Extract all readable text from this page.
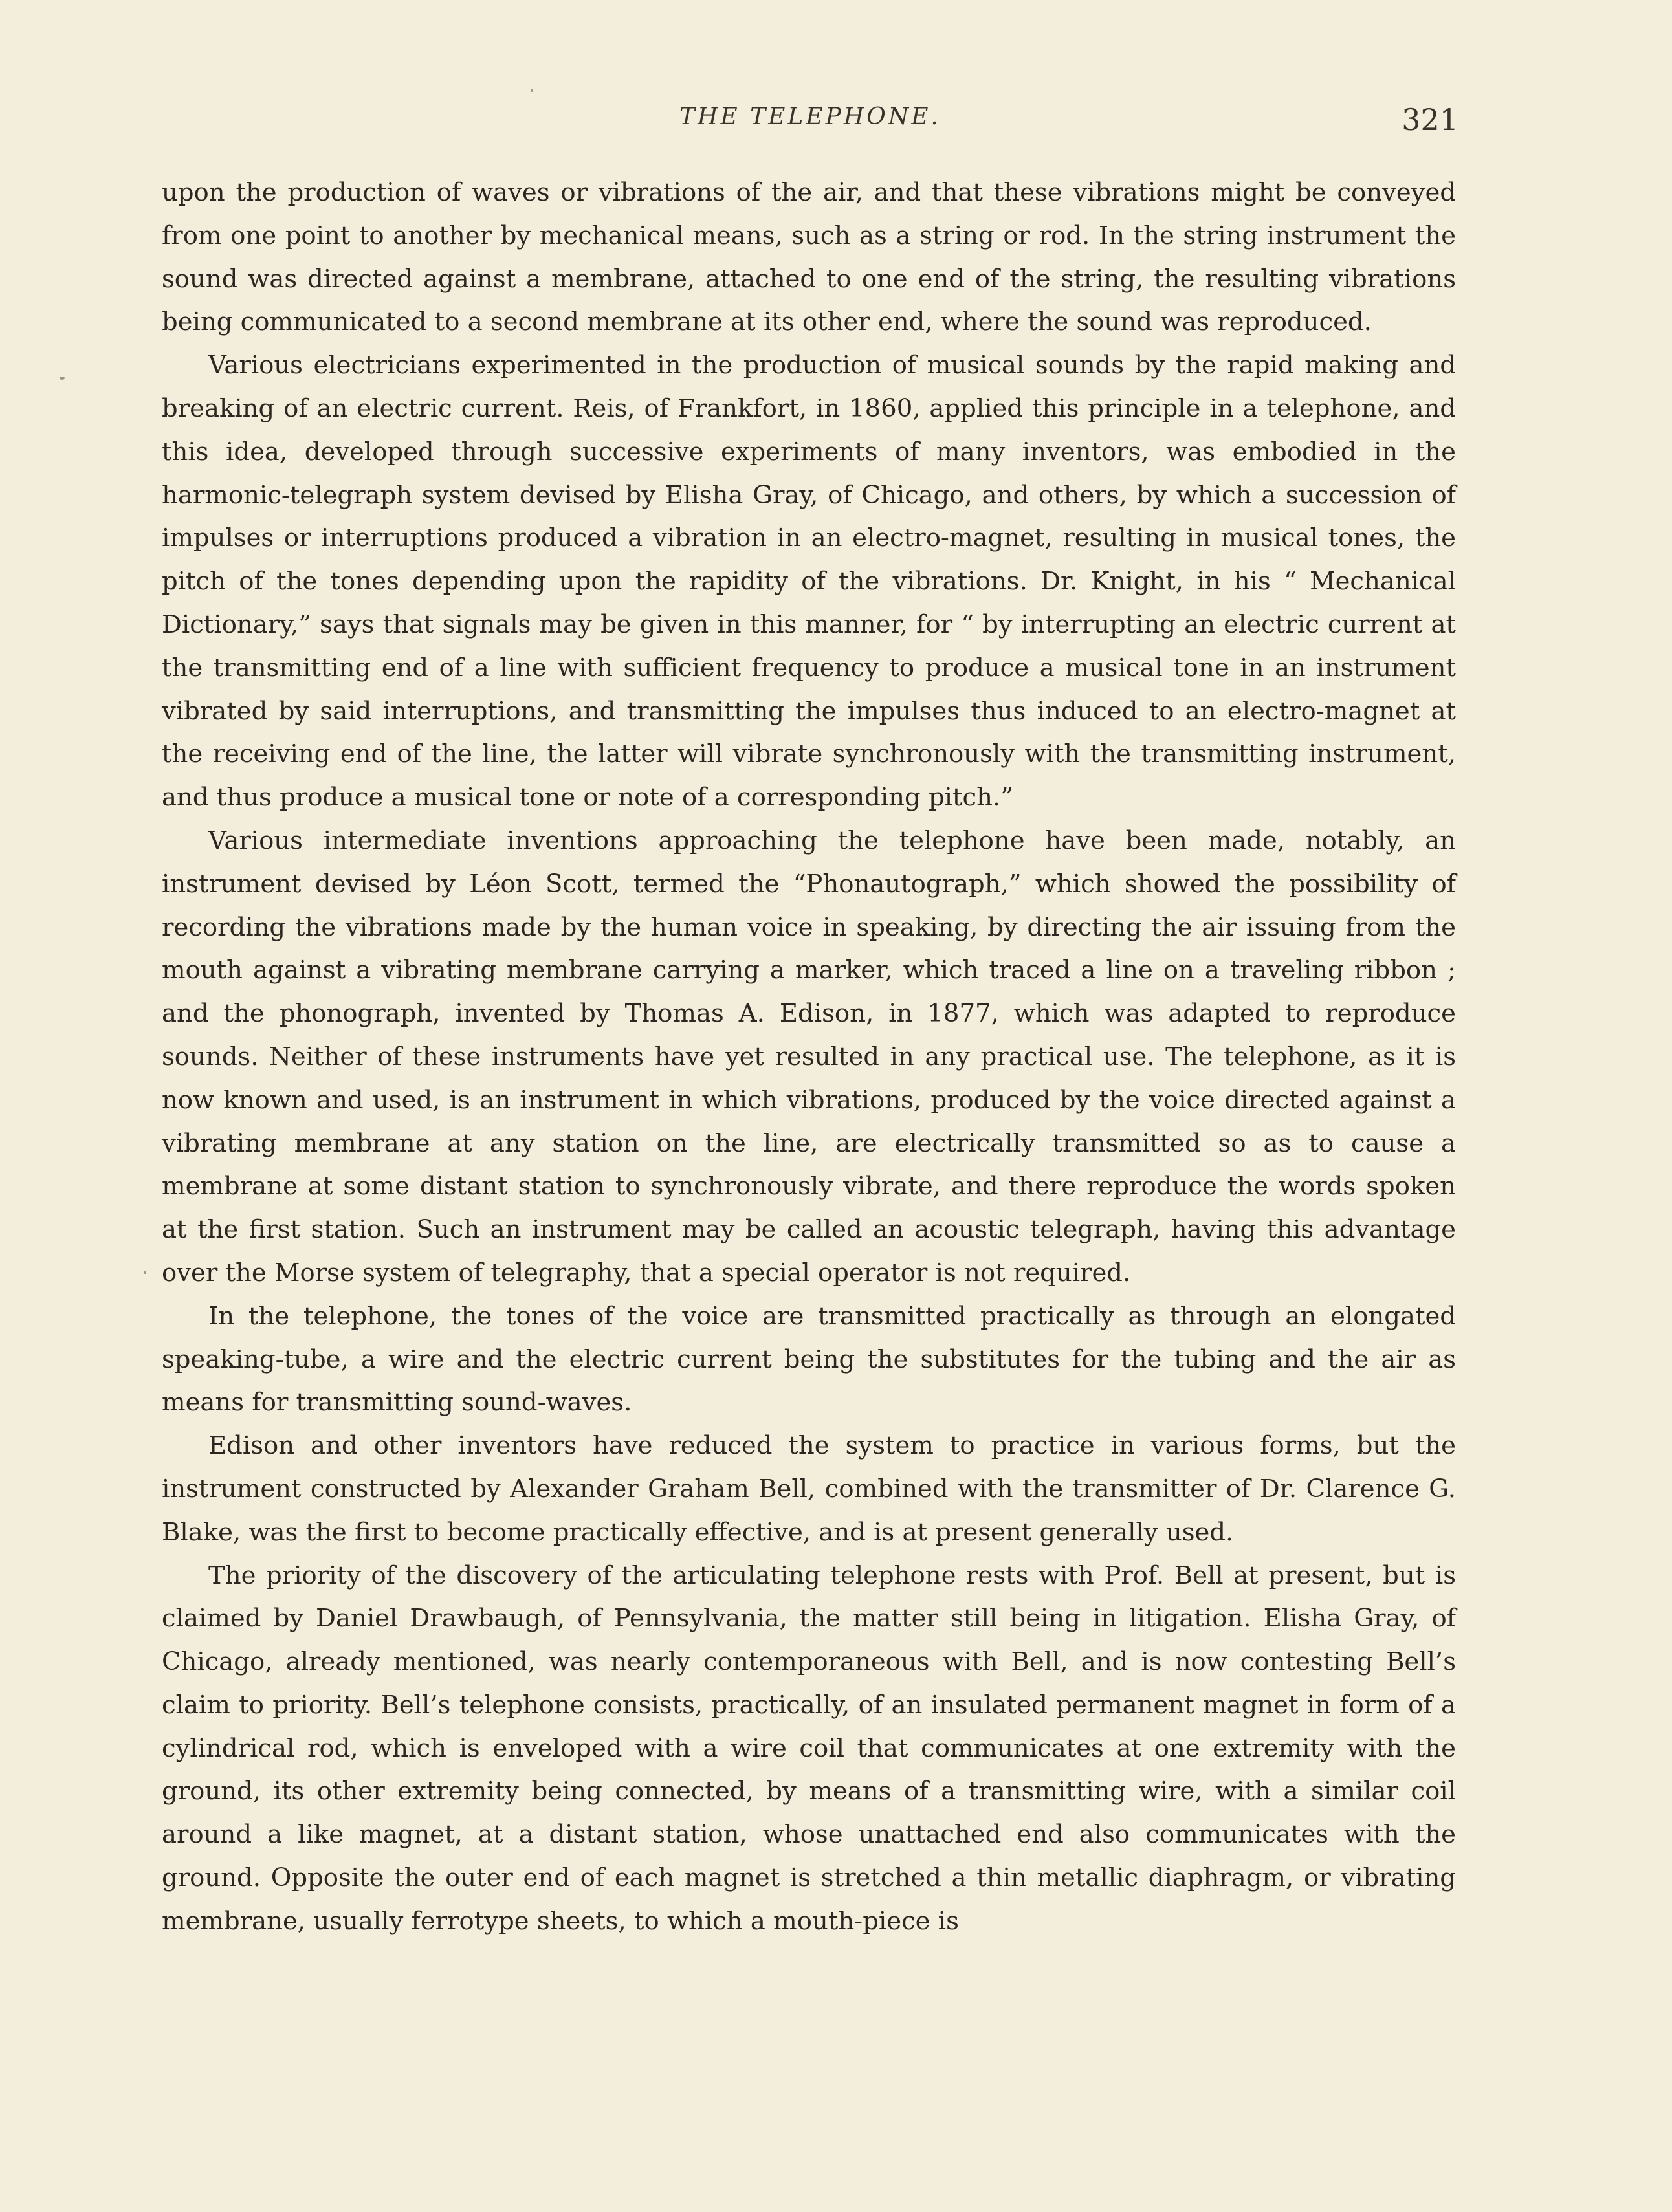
THE TELEPHONE.	321

upon the production of waves or vibrations of the air, and that these vibrations might be conveyed from one point to another by mechanical means, such as a string or rod. In the string instrument the sound was directed against a membrane, attached to one end of the string, the resulting vibrations being communicated to a second membrane at its other end, where the sound was reproduced.

Various electricians experimented in the production of musical sounds by the rapid making and breaking of an electric current. Reis, of Frankfort, in 1860, applied this principle in a telephone, and this idea, developed through successive experiments of many inventors, was embodied in the harmonic-telegraph system devised by Elisha Gray, of Chicago, and others, by which a succession of impulses or interruptions produced a vibration in an electro-magnet, resulting in musical tones, the pitch of the tones depending upon the rapidity of the vibrations. Dr. Knight, in his “ Mechanical Dictionary,” says that signals may be given in this manner, for “ by interrupting an electric current at the transmitting end of a line with sufficient frequency to produce a musical tone in an instrument vibrated by said interruptions, and transmitting the impulses thus induced to an electro-magnet at the receiving end of the line, the latter will vibrate synchronously with the transmitting instrument, and thus produce a musical tone or note of a corresponding pitch.”

Various intermediate inventions approaching the telephone have been made, notably, an instrument devised by Léon Scott, termed the “Phonautograph,” which showed the possibility of recording the vibrations made by the human voice in speaking, by directing the air issuing from the mouth against a vibrating membrane carrying a marker, which traced a line on a traveling ribbon ; and the phonograph, invented by Thomas A. Edison, in 1877, which was adapted to reproduce sounds. Neither of these instruments have yet resulted in any practical use. The telephone, as it is now known and used, is an instrument in which vibrations, produced by the voice directed against a vibrating membrane at any station on the line, are electrically transmitted so as to cause a membrane at some distant station to synchronously vibrate, and there reproduce the words spoken at the first station. Such an instrument may be called an acoustic telegraph, having this advantage over the Morse system of telegraphy, that a special operator is not required.

In the telephone, the tones of the voice are transmitted practically as through an elongated speaking-tube, a wire and the electric current being the substitutes for the tubing and the air as means for transmitting sound-waves.

Edison and other inventors have reduced the system to practice in various forms, but the instrument constructed by Alexander Graham Bell, combined with the transmitter of Dr. Clarence G. Blake, was the first to become practically effective, and is at present generally used.

The priority of the discovery of the articulating telephone rests with Prof. Bell at present, but is claimed by Daniel Drawbaugh, of Pennsylvania, the matter still being in litigation. Elisha Gray, of Chicago, already mentioned, was nearly contemporaneous with Bell, and is now contesting Bell’s claim to priority. Bell’s telephone consists, practically, of an insulated permanent magnet in form of a cylindrical rod, which is enveloped with a wire coil that communicates at one extremity with the ground, its other extremity being connected, by means of a transmitting wire, with a similar coil around a like magnet, at a distant station, whose unattached end also communicates with the ground. Opposite the outer end of each magnet is stretched a thin metallic diaphragm, or vibrating membrane, usually ferrotype sheets, to which a mouth-piece is
